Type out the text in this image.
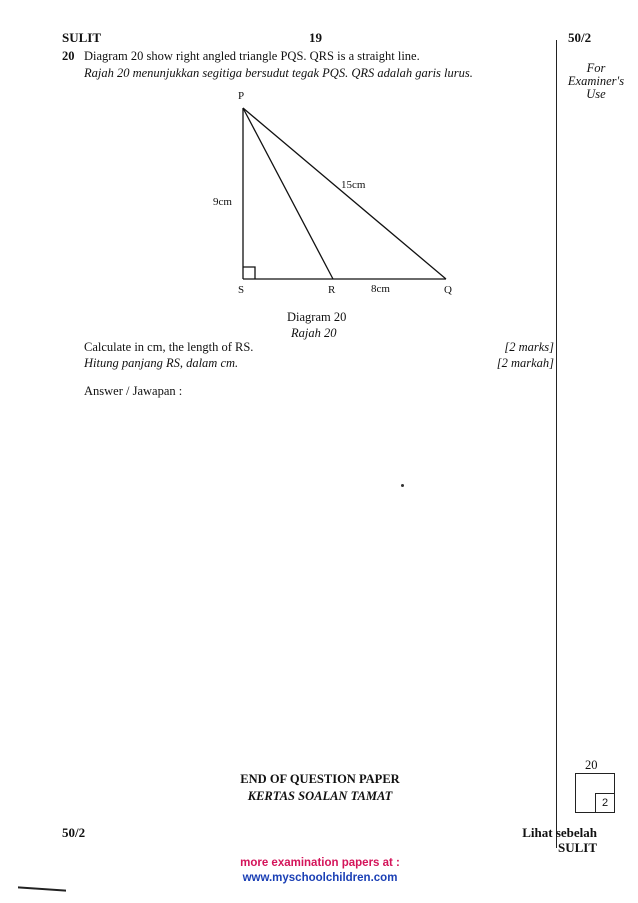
SULIT	19	50/2
For
Examiner's
Use
20 Diagram 20 show right angled triangle PQS. QRS is a straight line.
Rajah 20 menunjukkan segitiga bersudut tegak PQS. QRS adalah garis lurus.
P
S	R	Q
9cm
15cm
8cm
Diagram 20
Rajah 20
Calculate in cm, the length of RS.
Hitung panjang RS, dalam cm.
[2 marks]
[2 markah]
Answer / Jawapan :
20
2
END OF QUESTION PAPER
KERTAS SOALAN TAMAT
50/2	Lihat sebelah
SULIT
more examination papers at :
www.myschoolchildren.com
